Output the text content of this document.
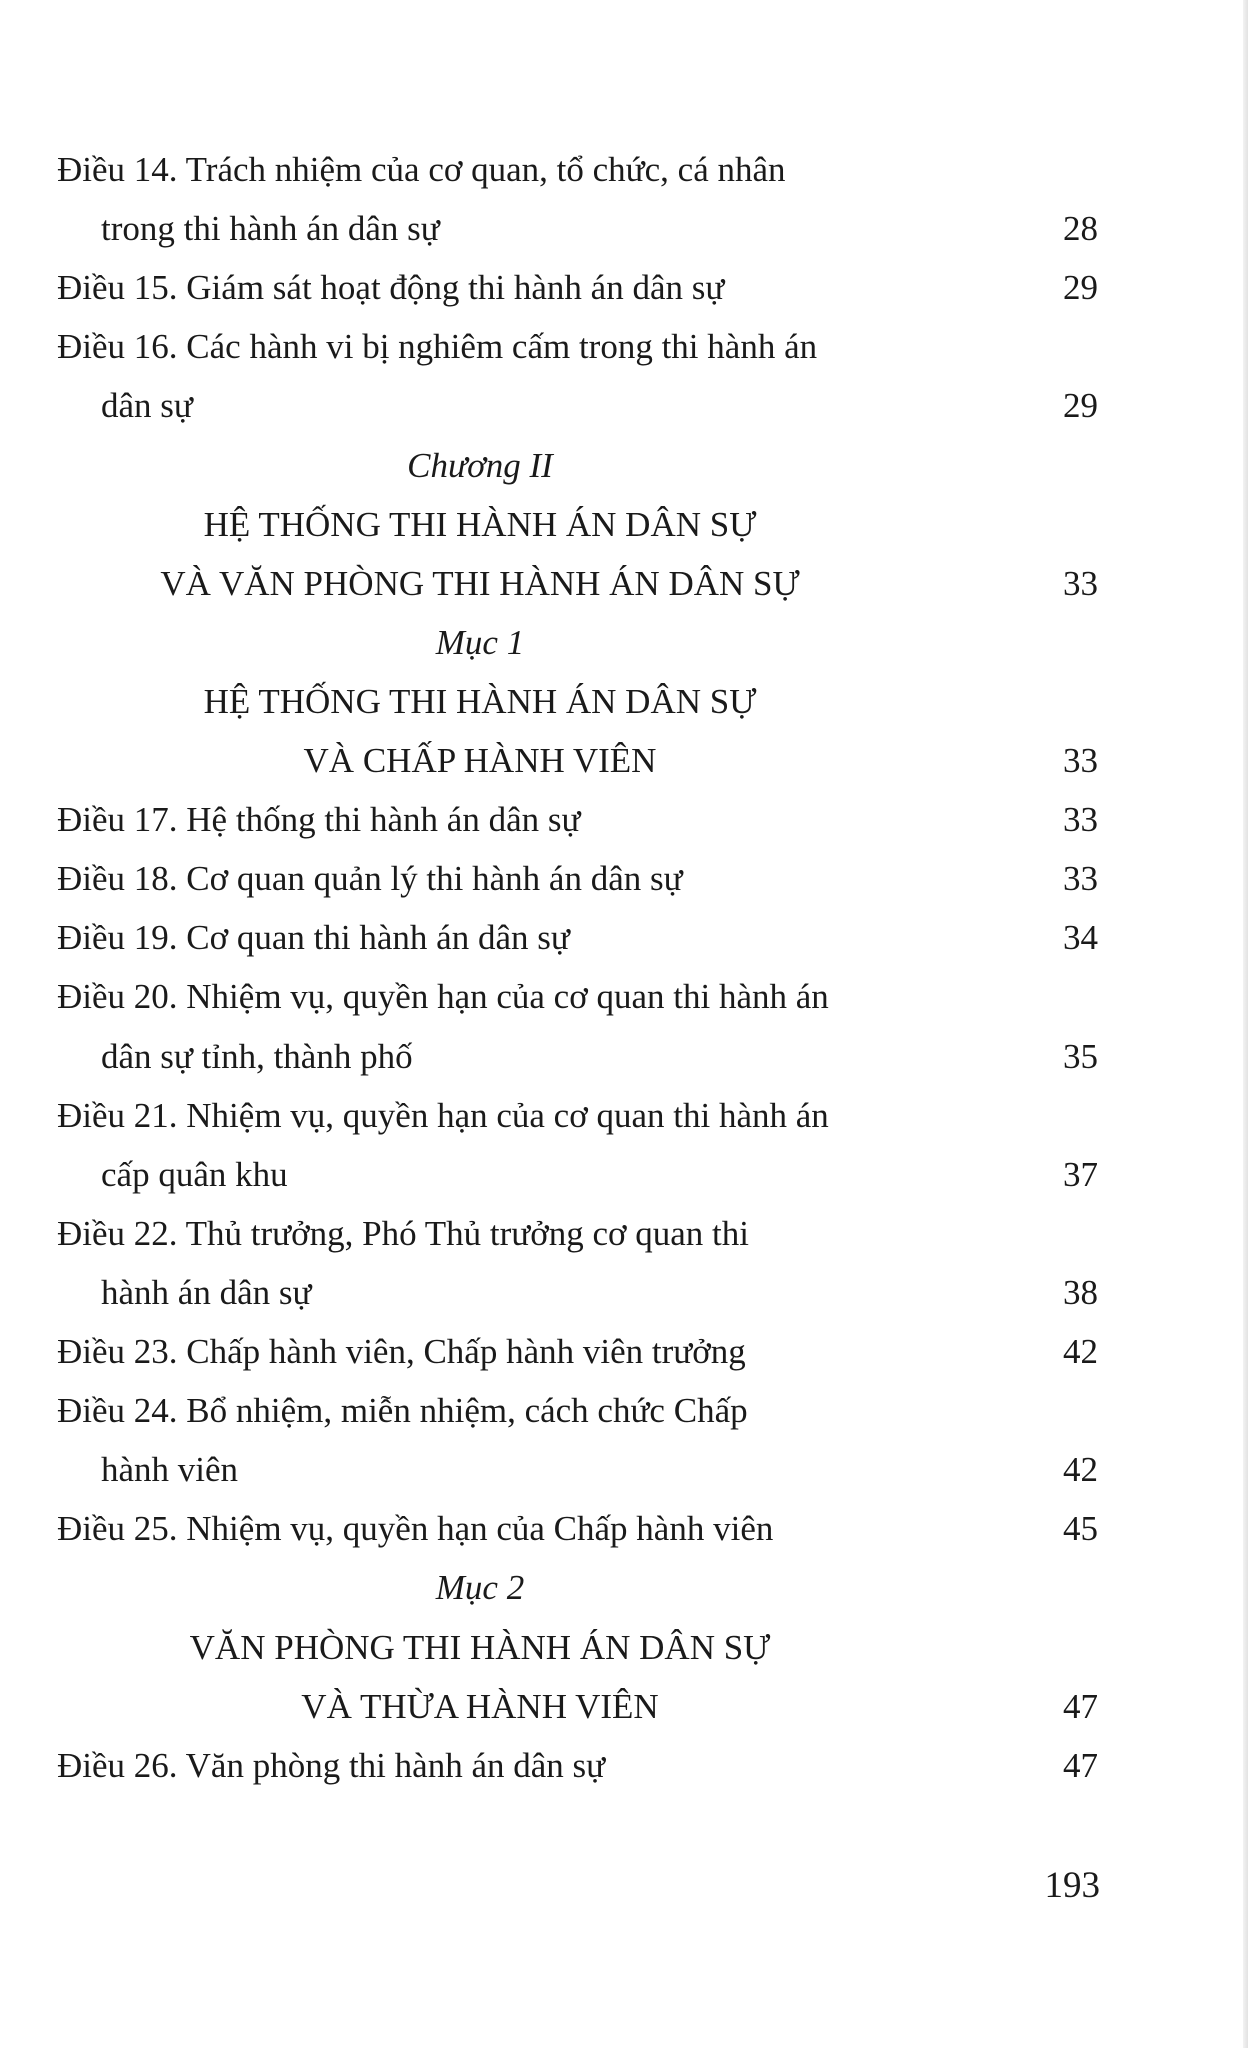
Điều 14. Trách nhiệm của cơ quan, tổ chức, cá nhân
trong thi hành án dân sự	28
Điều 15. Giám sát hoạt động thi hành án dân sự	29
Điều 16. Các hành vi bị nghiêm cấm trong thi hành án
dân sự	29
Chương II
HỆ THỐNG THI HÀNH ÁN DÂN SỰ
VÀ VĂN PHÒNG THI HÀNH ÁN DÂN SỰ	33
Mục 1
HỆ THỐNG THI HÀNH ÁN DÂN SỰ
VÀ CHẤP HÀNH VIÊN	33
Điều 17. Hệ thống thi hành án dân sự	33
Điều 18. Cơ quan quản lý thi hành án dân sự	33
Điều 19. Cơ quan thi hành án dân sự	34
Điều 20. Nhiệm vụ, quyền hạn của cơ quan thi hành án
dân sự tỉnh, thành phố	35
Điều 21. Nhiệm vụ, quyền hạn của cơ quan thi hành án
cấp quân khu	37
Điều 22. Thủ trưởng, Phó Thủ trưởng cơ quan thi
hành án dân sự	38
Điều 23. Chấp hành viên, Chấp hành viên trưởng	42
Điều 24. Bổ nhiệm, miễn nhiệm, cách chức Chấp
hành viên	42
Điều 25. Nhiệm vụ, quyền hạn của Chấp hành viên	45
Mục 2
VĂN PHÒNG THI HÀNH ÁN DÂN SỰ
VÀ THỪA HÀNH VIÊN	47
Điều 26. Văn phòng thi hành án dân sự	47
193
